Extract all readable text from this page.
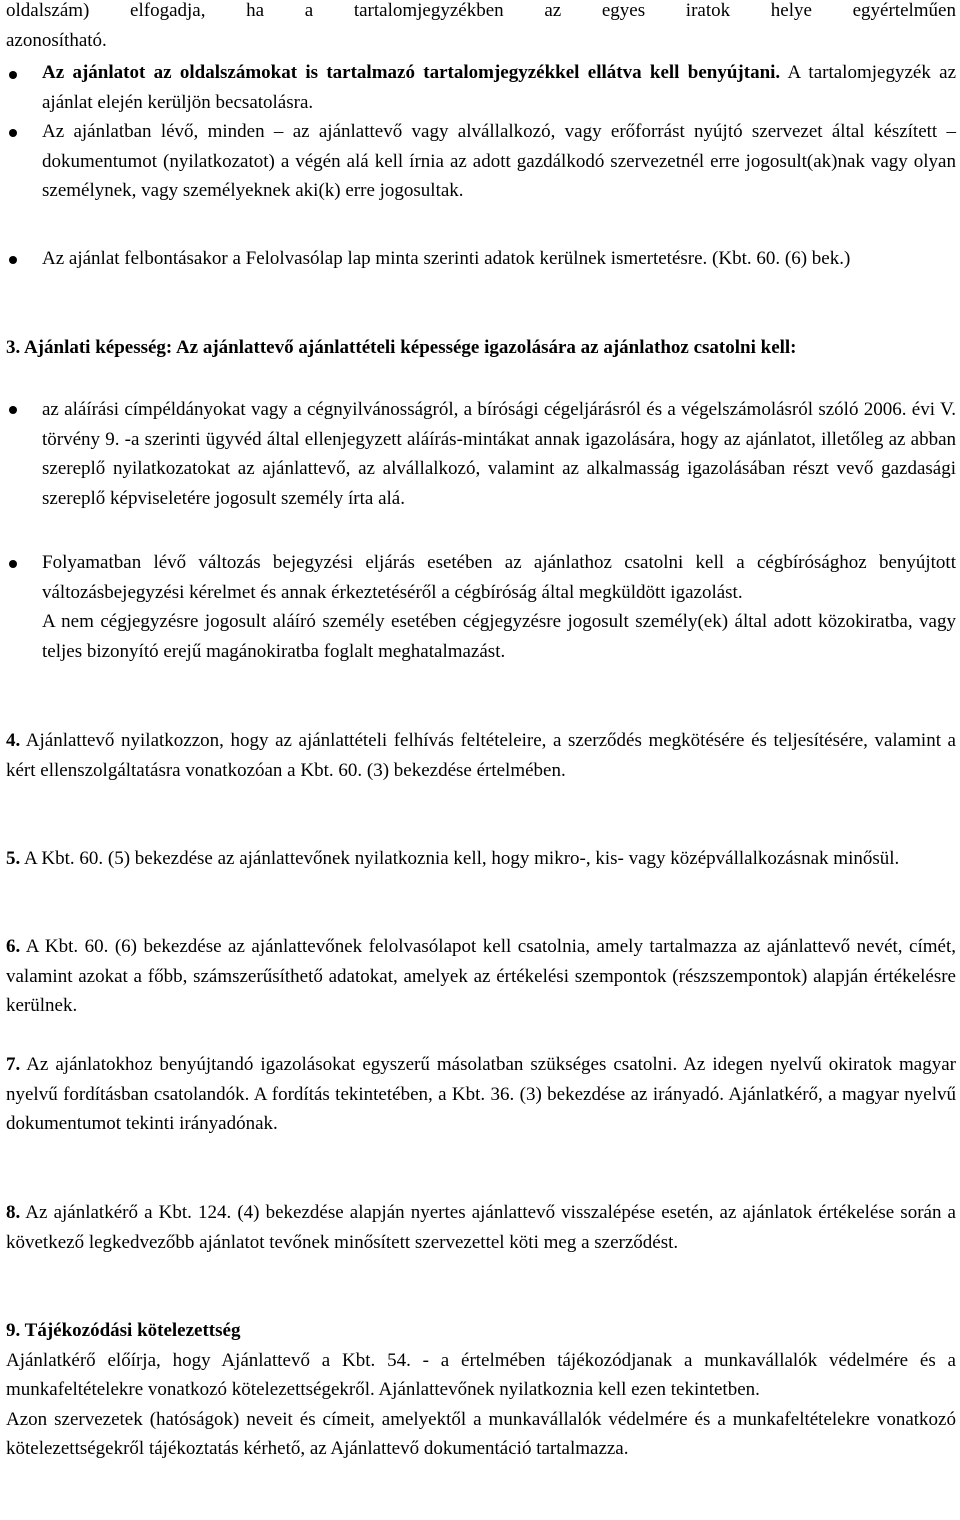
oldalszám) elfogadja, ha a tartalomjegyzékben az egyes iratok helye egyértelműen

azonosítható.

Az ajánlatot az oldalszámokat is tartalmazó tartalomjegyzékkel ellátva kell benyújtani. A tartalomjegyzék az ajánlat elején kerüljön becsatolásra.

Az ajánlatban lévő, minden – az ajánlattevő vagy alvállalkozó, vagy erőforrást nyújtó szervezet által készített – dokumentumot (nyilatkozatot) a végén alá kell írnia az adott gazdálkodó szervezetnél erre jogosult(ak)nak vagy olyan személynek, vagy személyeknek aki(k) erre jogosultak.

Az ajánlat felbontásakor a Felolvasólap lap minta szerinti adatok kerülnek ismertetésre. (Kbt. 60. (6) bek.)

3. Ajánlati képesség: Az ajánlattevő ajánlattételi képessége igazolására az ajánlathoz csatolni kell:

az aláírási címpéldányokat vagy a cégnyilvánosságról, a bírósági cégeljárásról és a végelszámolásról szóló 2006. évi V. törvény 9. -a szerinti ügyvéd által ellenjegyzett aláírás-mintákat annak igazolására, hogy az ajánlatot, illetőleg az abban szereplő nyilatkozatokat az ajánlattevő, az alvállalkozó, valamint az alkalmasság igazolásában részt vevő gazdasági szereplő képviseletére jogosult személy írta alá.

Folyamatban lévő változás bejegyzési eljárás esetében az ajánlathoz csatolni kell a cégbírósághoz benyújtott változásbejegyzési kérelmet és annak érkeztetéséről a cégbíróság által megküldött igazolást.

A nem cégjegyzésre jogosult aláíró személy esetében cégjegyzésre jogosult személy(ek) által adott közokiratba, vagy teljes bizonyító erejű magánokiratba foglalt meghatalmazást.

4. Ajánlattevő nyilatkozzon, hogy az ajánlattételi felhívás feltételeire, a szerződés megkötésére és teljesítésére, valamint a kért ellenszolgáltatásra vonatkozóan a Kbt. 60. (3) bekezdése értelmében.

5. A Kbt. 60. (5) bekezdése az ajánlattevőnek nyilatkoznia kell, hogy mikro-, kis- vagy középvállalkozásnak minősül.

6. A Kbt. 60. (6) bekezdése az ajánlattevőnek felolvasólapot kell csatolnia, amely tartalmazza az ajánlattevő nevét, címét, valamint azokat a főbb, számszerűsíthető adatokat, amelyek az értékelési szempontok (részszempontok) alapján értékelésre kerülnek.

7. Az ajánlatokhoz benyújtandó igazolásokat egyszerű másolatban szükséges csatolni. Az idegen nyelvű okiratok magyar nyelvű fordításban csatolandók. A fordítás tekintetében, a Kbt. 36. (3) bekezdése az irányadó. Ajánlatkérő, a magyar nyelvű dokumentumot tekinti irányadónak.

8. Az ajánlatkérő a Kbt. 124. (4) bekezdése alapján nyertes ajánlattevő visszalépése esetén, az ajánlatok értékelése során a következő legkedvezőbb ajánlatot tevőnek minősített szervezettel köti meg a szerződést.

9. Tájékozódási kötelezettség

Ajánlatkérő előírja, hogy Ajánlattevő a Kbt. 54. - a értelmében tájékozódjanak a munkavállalók védelmére és a munkafeltételekre vonatkozó kötelezettségekről. Ajánlattevőnek nyilatkoznia kell ezen tekintetben.

Azon szervezetek (hatóságok) neveit és címeit, amelyektől a munkavállalók védelmére és a munkafeltételekre vonatkozó kötelezettségekről tájékoztatás kérhető, az Ajánlattevő dokumentáció tartalmazza.
